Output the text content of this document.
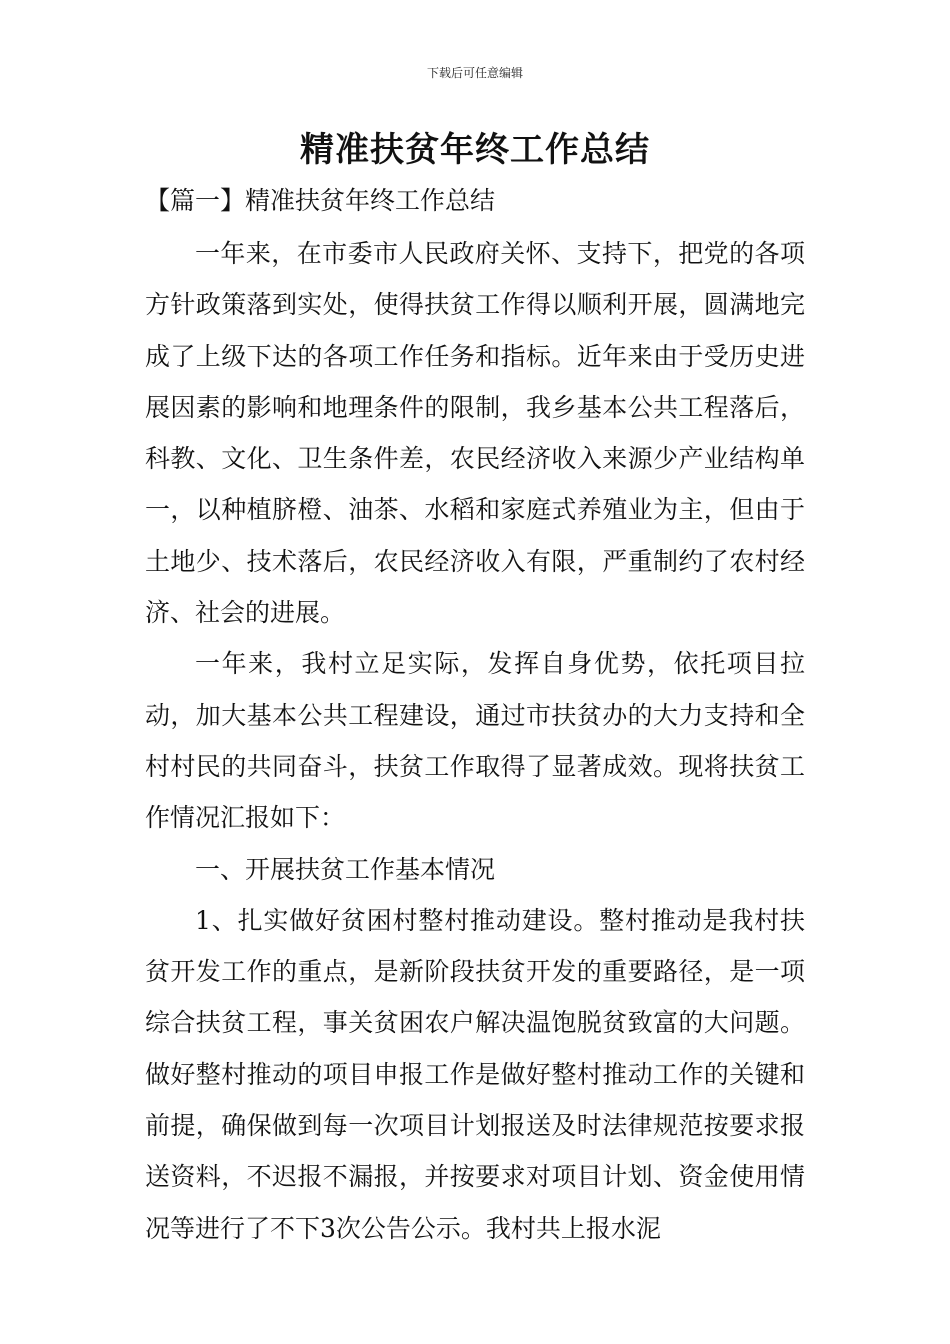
下载后可任意编辑
精准扶贫年终工作总结
【篇一】精准扶贫年终工作总结

一年来，在市委市人民政府关怀、支持下，把党的各项方针政策落到实处，使得扶贫工作得以顺利开展，圆满地完成了上级下达的各项工作任务和指标。近年来由于受历史进展因素的影响和地理条件的限制，我乡基本公共工程落后，科教、文化、卫生条件差，农民经济收入来源少产业结构单一，以种植脐橙、油茶、水稻和家庭式养殖业为主，但由于土地少、技术落后，农民经济收入有限，严重制约了农村经济、社会的进展。

一年来，我村立足实际，发挥自身优势，依托项目拉动，加大基本公共工程建设，通过市扶贫办的大力支持和全村村民的共同奋斗，扶贫工作取得了显著成效。现将扶贫工作情况汇报如下：

一、开展扶贫工作基本情况

1、扎实做好贫困村整村推动建设。整村推动是我村扶贫开发工作的重点，是新阶段扶贫开发的重要路径，是一项综合扶贫工程，事关贫困农户解决温饱脱贫致富的大问题。做好整村推动的项目申报工作是做好整村推动工作的关键和前提，确保做到每一次项目计划报送及时法律规范按要求报送资料，不迟报不漏报，并按要求对项目计划、资金使用情况等进行了不下3次公告公示。我村共上报水泥
